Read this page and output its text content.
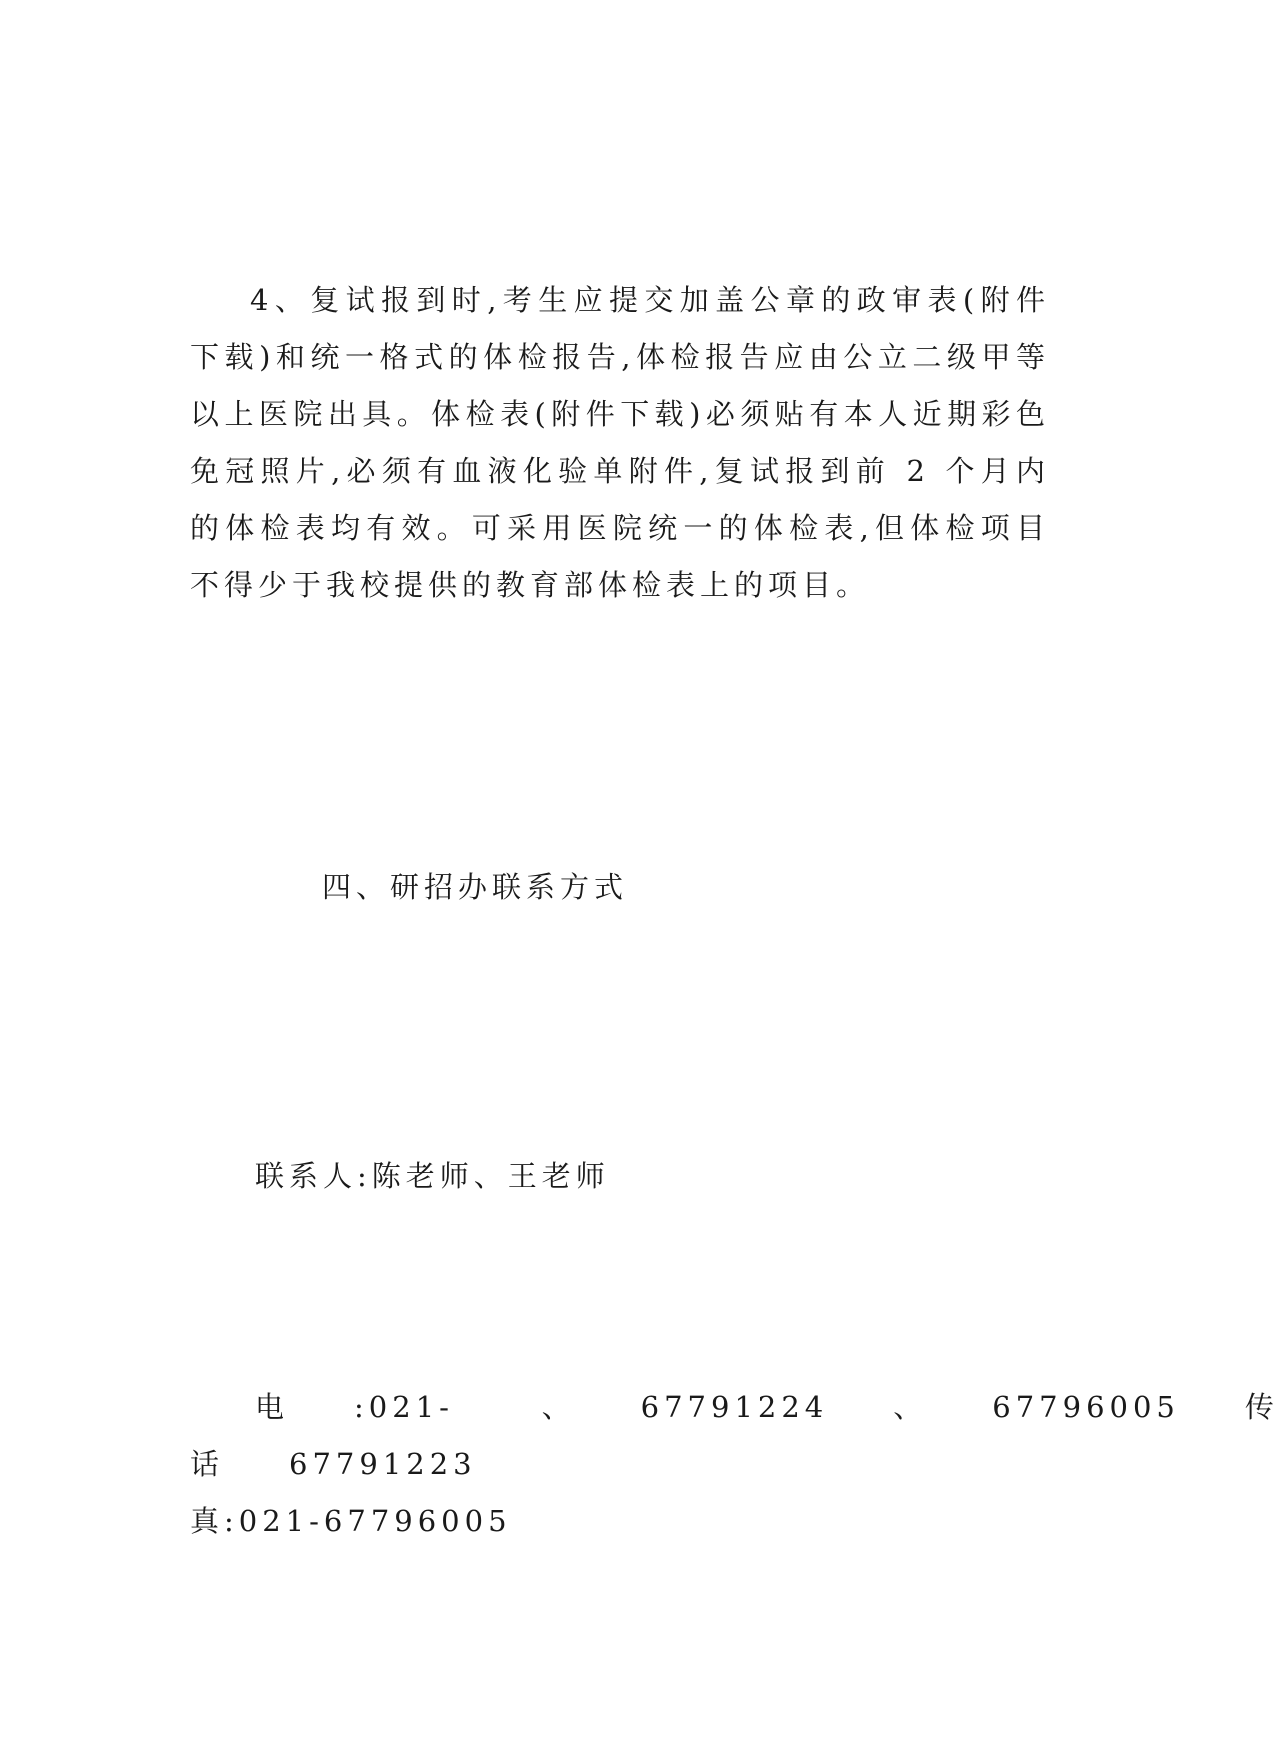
4、复试报到时,考生应提交加盖公章的政审表(附件下载)和统一格式的体检报告,体检报告应由公立二级甲等以上医院出具。体检表(附件下载)必须贴有本人近期彩色免冠照片,必须有血液化验单附件,复试报到前 2 个月内的体检表均有效。可采用医院统一的体检表,但体检项目不得少于我校提供的教育部体检表上的项目。

四、研招办联系方式

联系人:陈老师、王老师

电 话
:021-67791223
、	67791224	、	67796005	传
真:021-67796005
